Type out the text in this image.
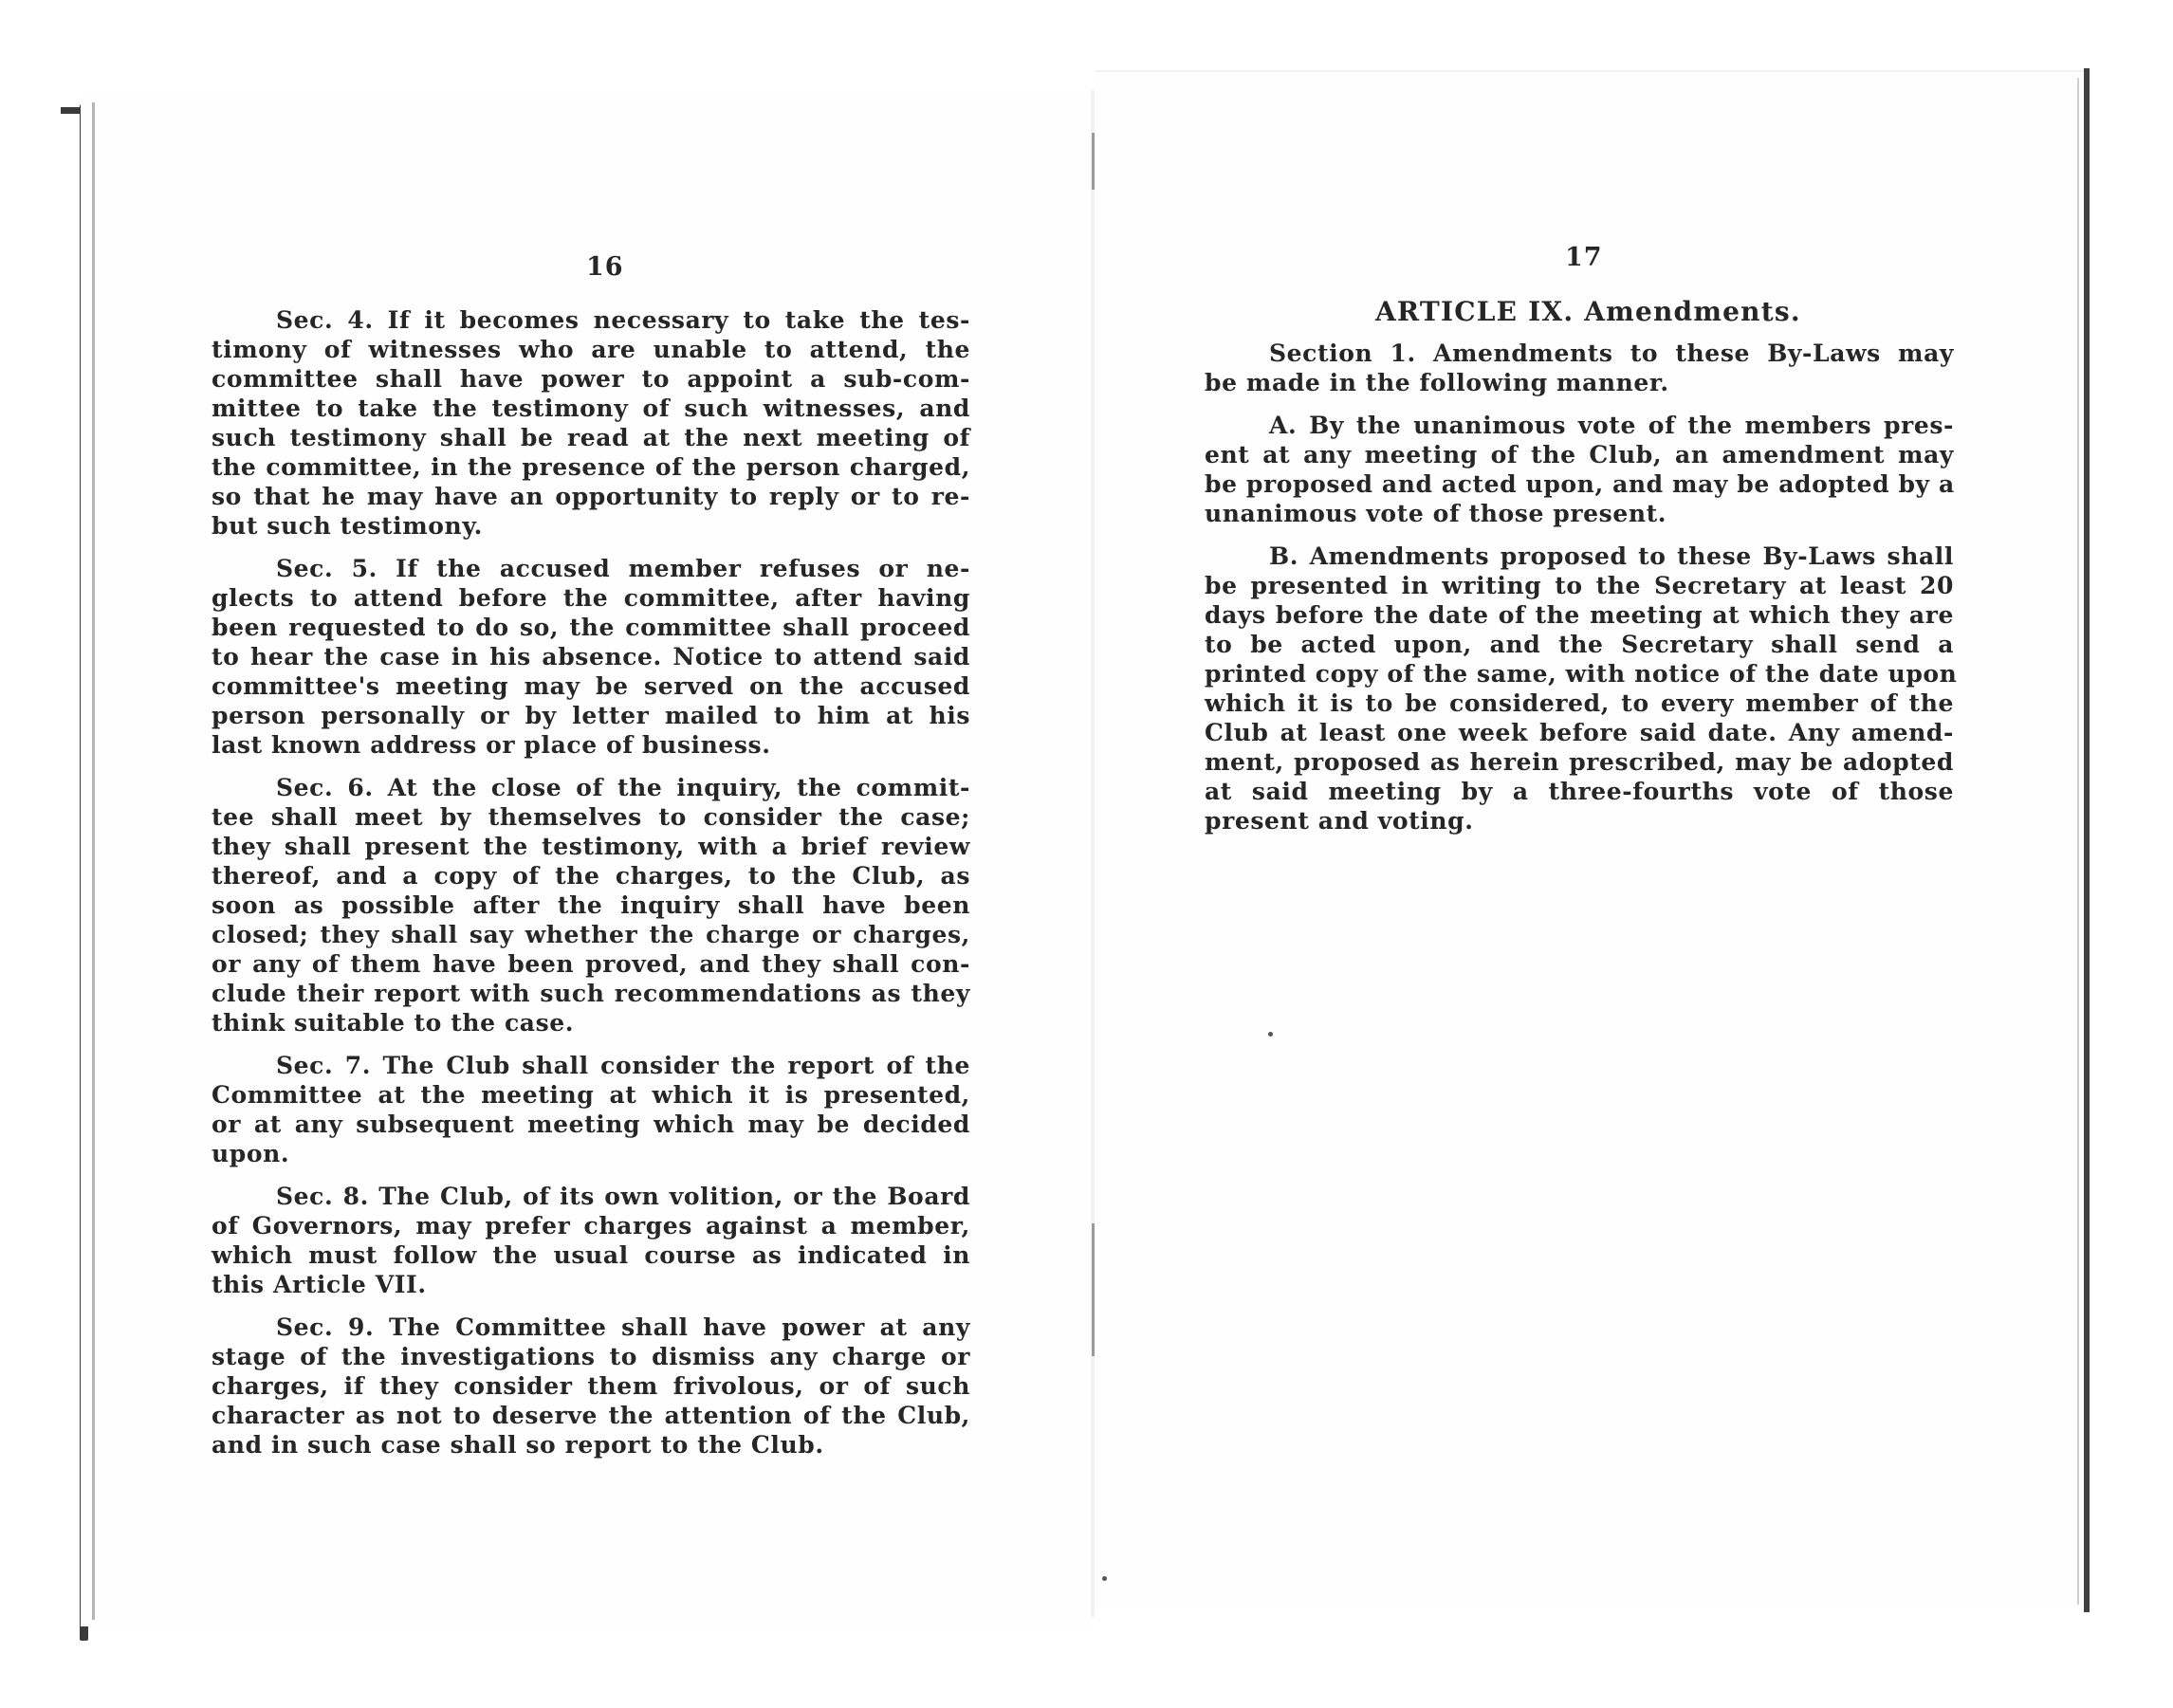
16
Sec. 4. If it becomes necessary to take the tes-
timony of witnesses who are unable to attend, the
committee shall have power to appoint a sub-com-
mittee to take the testimony of such witnesses, and
such testimony shall be read at the next meeting of
the committee, in the presence of the person charged,
so that he may have an opportunity to reply or to re-
but such testimony.
Sec. 5. If the accused member refuses or ne-
glects to attend before the committee, after having
been requested to do so, the committee shall proceed
to hear the case in his absence. Notice to attend said
committee's meeting may be served on the accused
person personally or by letter mailed to him at his
last known address or place of business.
Sec. 6. At the close of the inquiry, the commit-
tee shall meet by themselves to consider the case;
they shall present the testimony, with a brief review
thereof, and a copy of the charges, to the Club, as
soon as possible after the inquiry shall have been
closed; they shall say whether the charge or charges,
or any of them have been proved, and they shall con-
clude their report with such recommendations as they
think suitable to the case.
Sec. 7. The Club shall consider the report of the
Committee at the meeting at which it is presented,
or at any subsequent meeting which may be decided
upon.
Sec. 8. The Club, of its own volition, or the Board
of Governors, may prefer charges against a member,
which must follow the usual course as indicated in
this Article VII.
Sec. 9. The Committee shall have power at any
stage of the investigations to dismiss any charge or
charges, if they consider them frivolous, or of such
character as not to deserve the attention of the Club,
and in such case shall so report to the Club.
17
ARTICLE IX. Amendments.
Section 1. Amendments to these By-Laws may
be made in the following manner.
A. By the unanimous vote of the members pres-
ent at any meeting of the Club, an amendment may
be proposed and acted upon, and may be adopted by a
unanimous vote of those present.
B. Amendments proposed to these By-Laws shall
be presented in writing to the Secretary at least 20
days before the date of the meeting at which they are
to be acted upon, and the Secretary shall send a
printed copy of the same, with notice of the date upon
which it is to be considered, to every member of the
Club at least one week before said date. Any amend-
ment, proposed as herein prescribed, may be adopted
at said meeting by a three-fourths vote of those
present and voting.
